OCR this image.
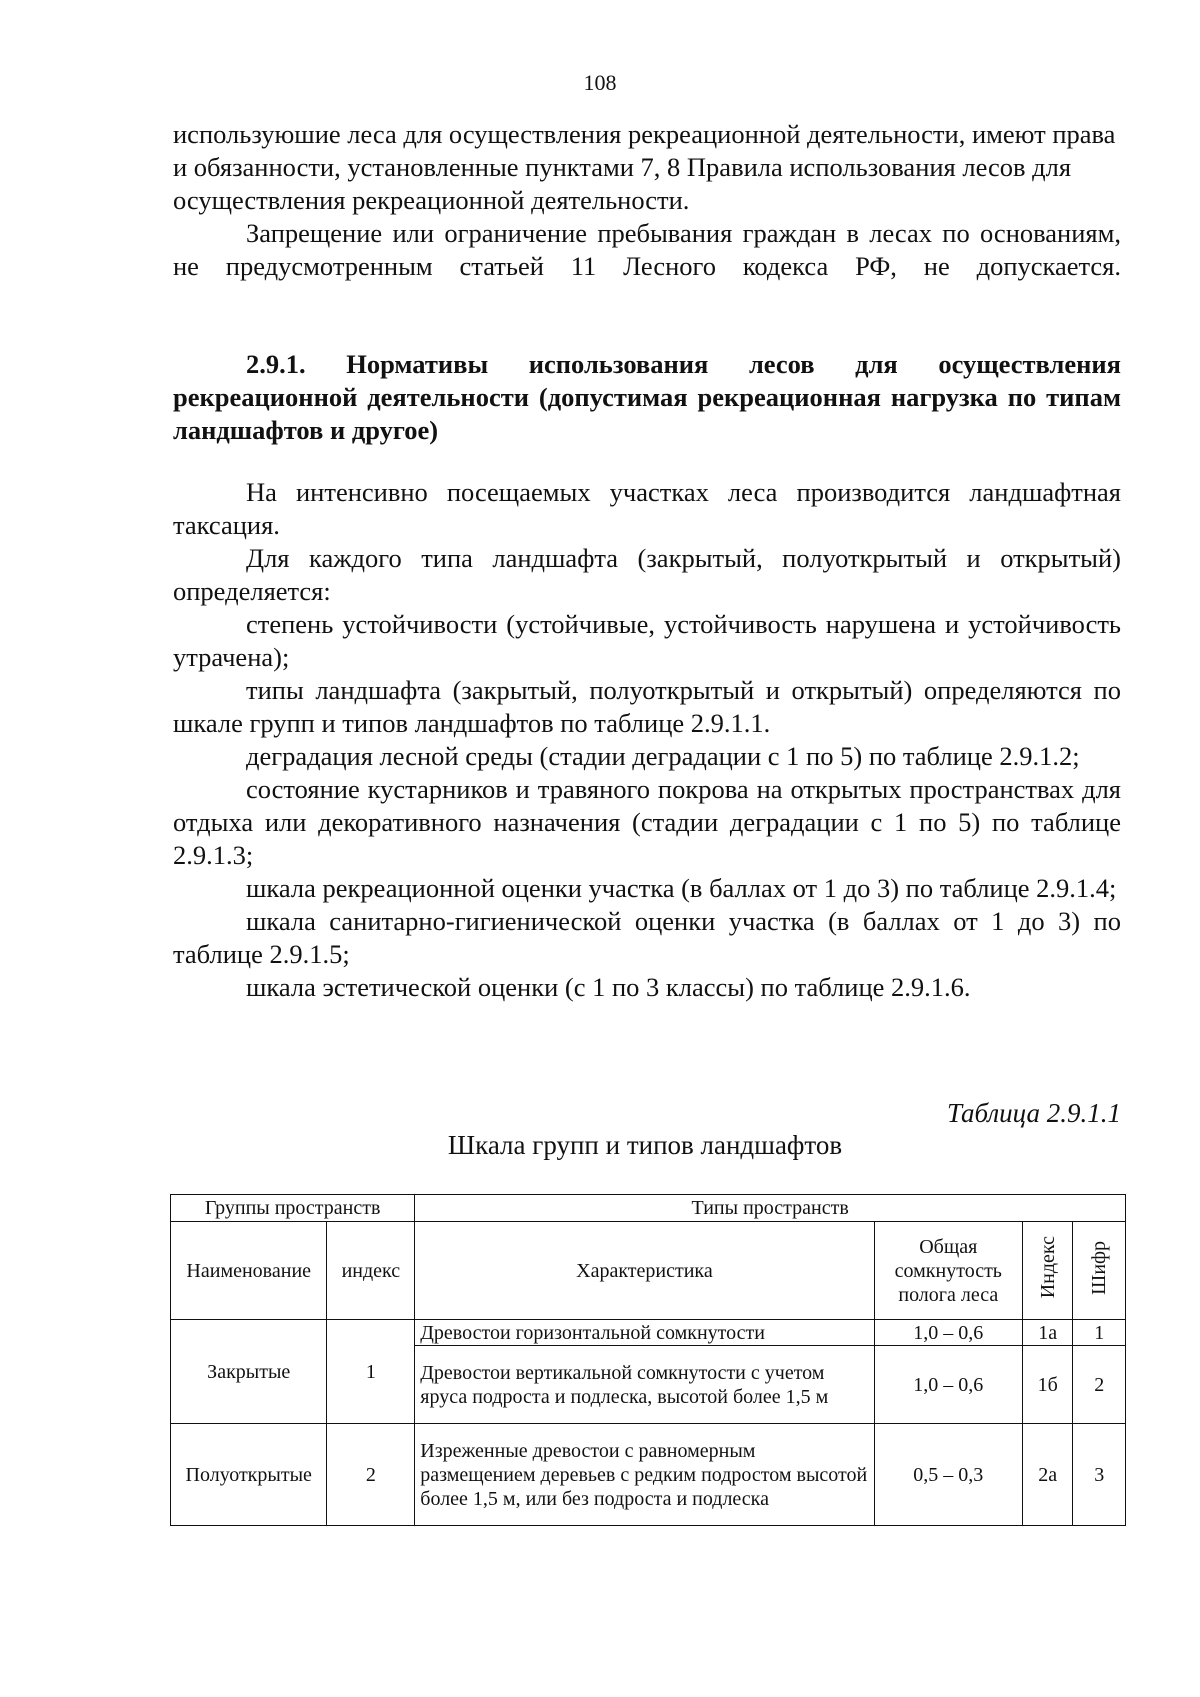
108

используюшие леса для осуществления рекреационной деятельности, имеют права и обязанности, установленные пунктами 7, 8 Правила использования лесов для осуществления рекреационной деятельности.

Запрещение или ограничение пребывания граждан в лесах по основаниям, не предусмотренным статьей 11 Лесного кодекса РФ, не допускается.

2.9.1. Нормативы использования лесов для осуществления рекреационной деятельности (допустимая рекреационная нагрузка по типам ландшафтов и другое)

На интенсивно посещаемых участках леса производится ландшафтная таксация.

Для каждого типа ландшафта (закрытый, полуоткрытый и открытый) определяется:

степень устойчивости (устойчивые, устойчивость нарушена и устойчивость утрачена);

типы ландшафта (закрытый, полуоткрытый и открытый) определяются по шкале групп и типов ландшафтов по таблице 2.9.1.1.

деградация лесной среды (стадии деградации с 1 по 5) по таблице 2.9.1.2;

состояние кустарников и травяного покрова на открытых пространствах для отдыха или декоративного назначения (стадии деградации с 1 по 5) по таблице 2.9.1.3;

шкала рекреационной оценки участка (в баллах от 1 до 3) по таблице 2.9.1.4;

шкала санитарно-гигиенической оценки участка (в баллах от 1 до 3) по таблице 2.9.1.5;

шкала эстетической оценки (с 1 по 3 классы) по таблице 2.9.1.6.

Таблица 2.9.1.1
Шкала групп и типов ландшафтов
Группы пространств		Типы пространств			
Наименование	индекс	Характеристика	Общая сомкнутость полога леса	Индекс	Шифр
Закрытые	1	Древостои горизонтальной сомкнутости	1,0 – 0,6	1а	1
		Древостои вертикальной сомкнутости с учетом яруса подроста и подлеска, высотой более 1,5 м	1,0 – 0,6	1б	2
Полуоткрытые	2	Изреженные древостои с равномерным размещением деревьев с редким подростом высотой более 1,5 м, или без подроста и подлеска	0,5 – 0,3	2а	3
